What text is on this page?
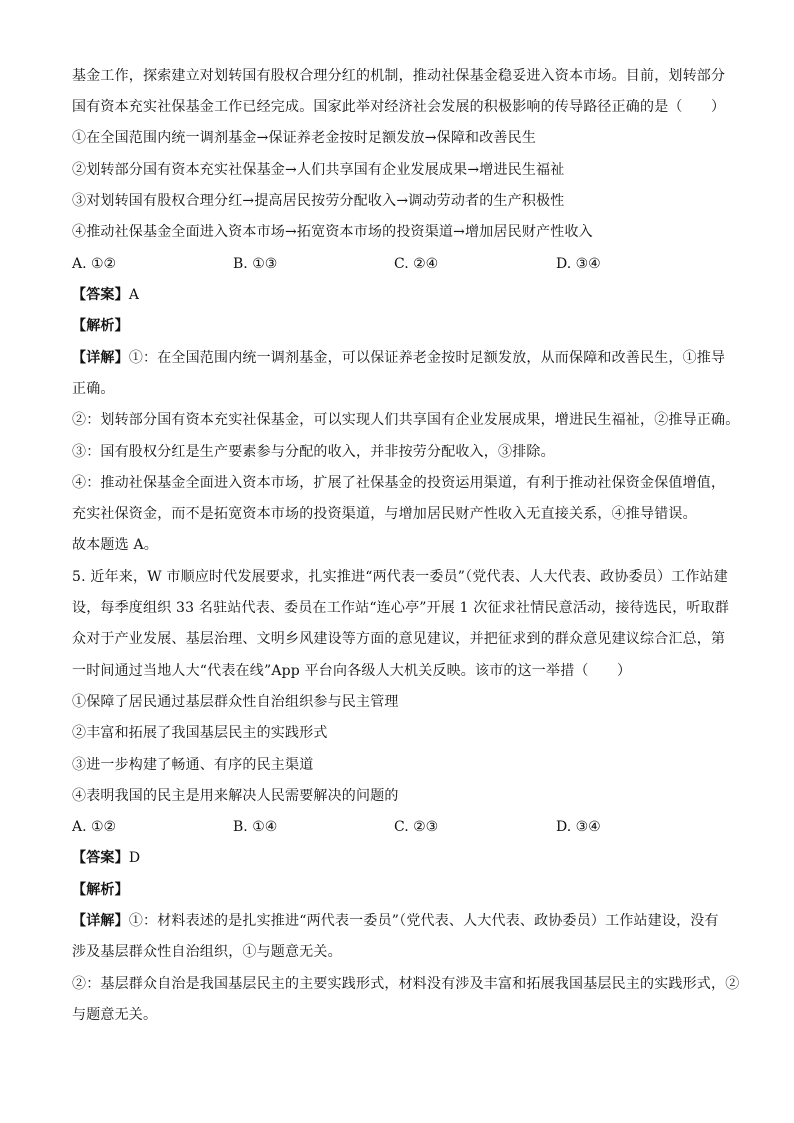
基金工作，探索建立对划转国有股权合理分红的机制，推动社保基金稳妥进入资本市场。目前，划转部分
国有资本充实社保基金工作已经完成。国家此举对经济社会发展的积极影响的传导路径正确的是（　　）
①在全国范围内统一调剂基金→保证养老金按时足额发放→保障和改善民生
②划转部分国有资本充实社保基金→人们共享国有企业发展成果→增进民生福祉
③对划转国有股权合理分红→提高居民按劳分配收入→调动劳动者的生产积极性
④推动社保基金全面进入资本市场→拓宽资本市场的投资渠道→增加居民财产性收入
A. ①②	B. ①③	C. ②④	D. ③④
【答案】A
【解析】
【详解】①：在全国范围内统一调剂基金，可以保证养老金按时足额发放，从而保障和改善民生，①推导
正确。
②：划转部分国有资本充实社保基金，可以实现人们共享国有企业发展成果，增进民生福祉，②推导正确。
③：国有股权分红是生产要素参与分配的收入，并非按劳分配收入，③排除。
④：推动社保基金全面进入资本市场，扩展了社保基金的投资运用渠道，有利于推动社保资金保值增值，
充实社保资金，而不是拓宽资本市场的投资渠道，与增加居民财产性收入无直接关系，④推导错误。
故本题选 A。
5. 近年来，W 市顺应时代发展要求，扎实推进“两代表一委员”（党代表、人大代表、政协委员）工作站建
设，每季度组织 33 名驻站代表、委员在工作站“连心亭”开展 1 次征求社情民意活动，接待选民，听取群
众对于产业发展、基层治理、文明乡风建设等方面的意见建议，并把征求到的群众意见建议综合汇总，第
一时间通过当地人大“代表在线”App 平台向各级人大机关反映。该市的这一举措（　　）
①保障了居民通过基层群众性自治组织参与民主管理
②丰富和拓展了我国基层民主的实践形式
③进一步构建了畅通、有序的民主渠道
④表明我国的民主是用来解决人民需要解决的问题的
A. ①②	B. ①④	C. ②③	D. ③④
【答案】D
【解析】
【详解】①：材料表述的是扎实推进“两代表一委员”（党代表、人大代表、政协委员）工作站建设，没有
涉及基层群众性自治组织，①与题意无关。
②：基层群众自治是我国基层民主的主要实践形式，材料没有涉及丰富和拓展我国基层民主的实践形式，②
与题意无关。
